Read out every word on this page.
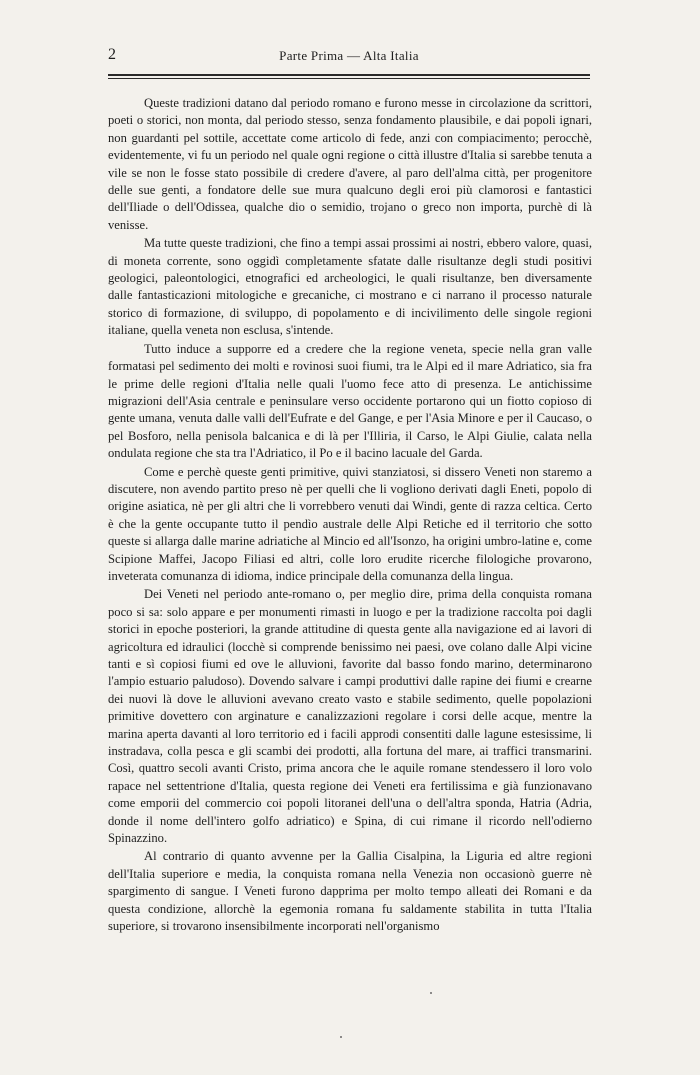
2	Parte Prima — Alta Italia

Queste tradizioni datano dal periodo romano e furono messe in circolazione da scrittori, poeti o storici, non monta, dal periodo stesso, senza fondamento plausibile, e dai popoli ignari, non guardanti pel sottile, accettate come articolo di fede, anzi con compiacimento; perocchè, evidentemente, vi fu un periodo nel quale ogni regione o città illustre d'Italia si sarebbe tenuta a vile se non le fosse stato possibile di credere d'avere, al paro dell'alma città, per progenitore delle sue genti, a fondatore delle sue mura qualcuno degli eroi più clamorosi e fantastici dell'Iliade o dell'Odissea, qualche dio o semidio, trojano o greco non importa, purchè di là venisse.

Ma tutte queste tradizioni, che fino a tempi assai prossimi ai nostri, ebbero valore, quasi, di moneta corrente, sono oggidì completamente sfatate dalle risultanze degli studi positivi geologici, paleontologici, etnografici ed archeologici, le quali risultanze, ben diversamente dalle fantasticazioni mitologiche e grecaniche, ci mostrano e ci narrano il processo naturale storico di formazione, di sviluppo, di popolamento e di incivilimento delle singole regioni italiane, quella veneta non esclusa, s'intende.

Tutto induce a supporre ed a credere che la regione veneta, specie nella gran valle formatasi pel sedimento dei molti e rovinosi suoi fiumi, tra le Alpi ed il mare Adriatico, sia fra le prime delle regioni d'Italia nelle quali l'uomo fece atto di presenza. Le antichissime migrazioni dell'Asia centrale e peninsulare verso occidente portarono qui un fiotto copioso di gente umana, venuta dalle valli dell'Eufrate e del Gange, e per l'Asia Minore e per il Caucaso, o pel Bosforo, nella penisola balcanica e di là per l'Illiria, il Carso, le Alpi Giulie, calata nella ondulata regione che sta tra l'Adriatico, il Po e il bacino lacuale del Garda.

Come e perchè queste genti primitive, quivi stanziatosi, si dissero Veneti non staremo a discutere, non avendo partito preso nè per quelli che li vogliono derivati dagli Eneti, popolo di origine asiatica, nè per gli altri che li vorrebbero venuti dai Windi, gente di razza celtica. Certo è che la gente occupante tutto il pendìo australe delle Alpi Retiche ed il territorio che sotto queste si allarga dalle marine adriatiche al Mincio ed all'Isonzo, ha origini umbro-latine e, come Scipione Maffei, Jacopo Filiasi ed altri, colle loro erudite ricerche filologiche provarono, inveterata comunanza di idioma, indice principale della comunanza della lingua.

Dei Veneti nel periodo ante-romano o, per meglio dire, prima della conquista romana poco si sa: solo appare e per monumenti rimasti in luogo e per la tradizione raccolta poi dagli storici in epoche posteriori, la grande attitudine di questa gente alla navigazione ed ai lavori di agricoltura ed idraulici (locchè si comprende benissimo nei paesi, ove colano dalle Alpi vicine tanti e sì copiosi fiumi ed ove le alluvioni, favorite dal basso fondo marino, determinarono l'ampio estuario paludoso). Dovendo salvare i campi produttivi dalle rapine dei fiumi e crearne dei nuovi là dove le alluvioni avevano creato vasto e stabile sedimento, quelle popolazioni primitive dovettero con arginature e canalizzazioni regolare i corsi delle acque, mentre la marina aperta davanti al loro territorio ed i facili approdi consentiti dalle lagune estesissime, li instradava, colla pesca e gli scambi dei prodotti, alla fortuna del mare, ai traffici transmarini. Così, quattro secoli avanti Cristo, prima ancora che le aquile romane stendessero il loro volo rapace nel settentrione d'Italia, questa regione dei Veneti era fertilissima e già funzionavano come emporii del commercio coi popoli litoranei dell'una o dell'altra sponda, Hatria (Adria, donde il nome dell'intero golfo adriatico) e Spina, di cui rimane il ricordo nell'odierno Spinazzino.

Al contrario di quanto avvenne per la Gallia Cisalpina, la Liguria ed altre regioni dell'Italia superiore e media, la conquista romana nella Venezia non occasionò guerre nè spargimento di sangue. I Veneti furono dapprima per molto tempo alleati dei Romani e da questa condizione, allorchè la egemonia romana fu saldamente stabilita in tutta l'Italia superiore, si trovarono insensibilmente incorporati nell'organismo
